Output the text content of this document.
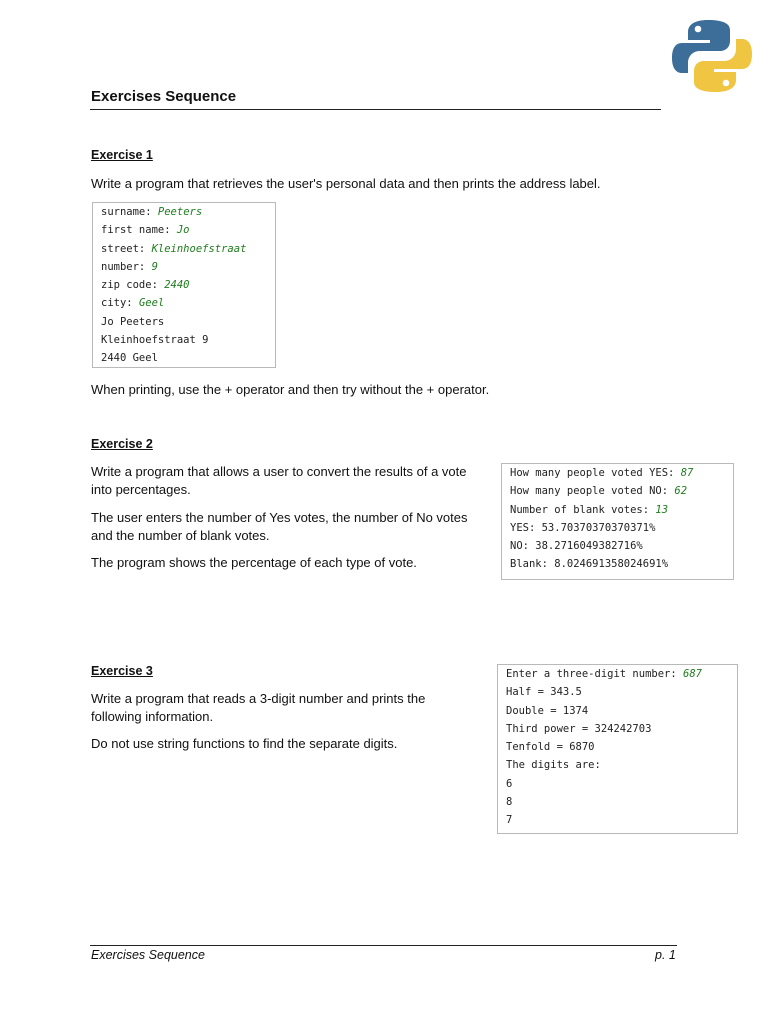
Exercises Sequence
Exercise 1

Write a program that retrieves the user's personal data and then prints the address label.

surname: Peeters
first name: Jo
street: Kleinhoefstraat
number: 9
zip code: 2440
city: Geel
Jo Peeters
Kleinhoefstraat 9
2440 Geel

When printing, use the + operator and then try without the + operator.

Exercise 2

Write a program that allows a user to convert the results of a vote into percentages.

The user enters the number of Yes votes, the number of No votes and the number of blank votes.

The program shows the percentage of each type of vote.

How many people voted YES: 87
How many people voted NO: 62
Number of blank votes: 13
YES: 53.70370370370371%
NO: 38.2716049382716%
Blank: 8.024691358024691%
Exercise 3

Write a program that reads a 3-digit number and prints the following information.

Do not use string functions to find the separate digits.

Enter a three-digit number: 687
Half = 343.5
Double = 1374
Third power = 324242703
Tenfold = 6870
The digits are:
6
8
7
Exercises Sequence	p. 1
